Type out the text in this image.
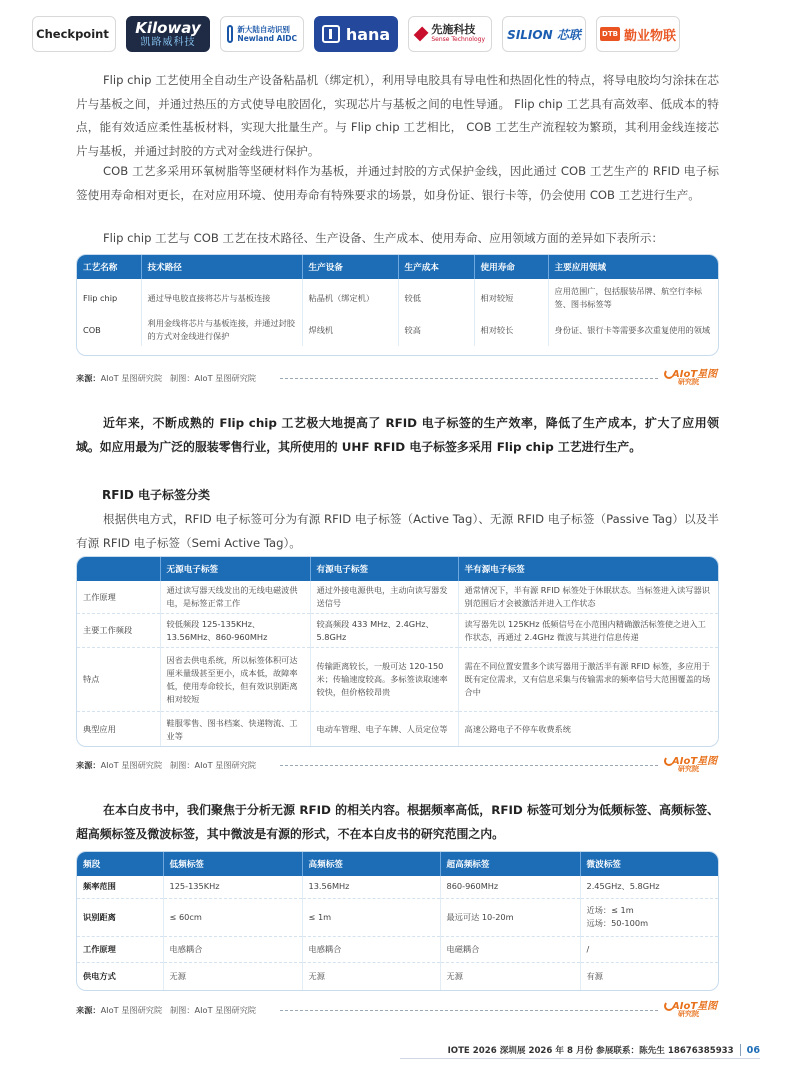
Checkpoint Kiloway
凯路威科技
新大陆自动识别
Newland AIDC	hana	先施科技
Sense Technology SILION 芯联	DTB 勤业物联

Flip chip 工艺使用全自动生产设备粘晶机（绑定机），利用导电胶具有导电性和热固化性的特点，将导电胶均匀涂抹在芯片与基板之间，并通过热压的方式使导电胶固化，实现芯片与基板之间的电性导通。 Flip chip 工艺具有高效率、低成本的特点，能有效适应柔性基板材料，实现大批量生产。与 Flip chip 工艺相比， COB 工艺生产流程较为繁琐，其利用金线连接芯片与基板，并通过封胶的方式对金线进行保护。

COB 工艺多采用环氧树脂等坚硬材料作为基板，并通过封胶的方式保护金线，因此通过 COB 工艺生产的 RFID 电子标签使用寿命相对更长，在对应用环境、使用寿命有特殊要求的场景，如身份证、银行卡等，仍会使用 COB 工艺进行生产。

Flip chip 工艺与 COB 工艺在技术路径、生产设备、生产成本、使用寿命、应用领域方面的差异如下表所示：

工艺名称	技术路径	生产设备	生产成本	使用寿命	主要应用领域
Flip chip	通过导电胶直接将芯片与基板连接	粘晶机（绑定机）	较低	相对较短	应用范围广，包括服装吊牌、航空行李标签、图书标签等
COB	利用金线将芯片与基板连接，并通过封胶的方式对金线进行保护	焊线机	较高	相对较长	身份证、银行卡等需要多次重复使用的领域
来源：AIoT 星图研究院 制图：AIoT 星图研究院	AIoT星图
研究院

近年来，不断成熟的 Flip chip 工艺极大地提高了 RFID 电子标签的生产效率，降低了生产成本，扩大了应用领域。如应用最为广泛的服装零售行业，其所使用的 UHF RFID 电子标签多采用 Flip chip 工艺进行生产。

RFID 电子标签分类

根据供电方式，RFID 电子标签可分为有源 RFID 电子标签（Active Tag）、无源 RFID 电子标签（Passive Tag）以及半有源 RFID 电子标签（Semi Active Tag）。

	无源电子标签	有源电子标签	半有源电子标签
工作原理	通过读写器天线发出的无线电磁波供电，是标签正常工作	通过外接电源供电，主动向读写器发送信号	通常情况下，半有源 RFID 标签处于休眠状态。当标签进入读写器识别范围后才会被激活并进入工作状态
主要工作频段	较低频段 125-135KHz、13.56MHz、860-960MHz	较高频段 433 MHz、2.4GHz、5.8GHz	读写器先以 125KHz 低频信号在小范围内精确激活标签使之进入工作状态，再通过 2.4GHz 微波与其进行信息传递
特点	因省去供电系统，所以标签体积可达厘米量级甚至更小，成本低，故障率低，使用寿命较长，但有效识别距离相对较短	传输距离较长，一般可达 120-150 米；传输速度较高。多标签读取速率较快，但价格较昂贵	需在不同位置安置多个读写器用于激活半有源 RFID 标签，多应用于既有定位需求，又有信息采集与传输需求的频率信号大范围覆盖的场合中
典型应用	鞋服零售、图书档案、快递物流、工业等	电动车管理、电子车牌、人员定位等	高速公路电子不停车收费系统
来源：AIoT 星图研究院 制图：AIoT 星图研究院	AIoT星图
研究院

在本白皮书中，我们聚焦于分析无源 RFID 的相关内容。根据频率高低，RFID 标签可划分为低频标签、高频标签、超高频标签及微波标签，其中微波是有源的形式，不在本白皮书的研究范围之内。

频段	低频标签	高频标签	超高频标签	微波标签
频率范围	125-135KHz	13.56MHz	860-960MHz	2.45GHz、5.8GHz
识别距离	≤ 60cm	≤ 1m	最远可达 10-20m	近场：≤ 1m
远场：50-100m

工作原理	电感耦合	电感耦合	电磁耦合	/
供电方式	无源	无源	无源	有源
来源：AIoT 星图研究院 制图：AIoT 星图研究院	AIoT星图
研究院
IOTE 2026 深圳展 2026 年 8 月份 参展联系：陈先生 18676385933 06
